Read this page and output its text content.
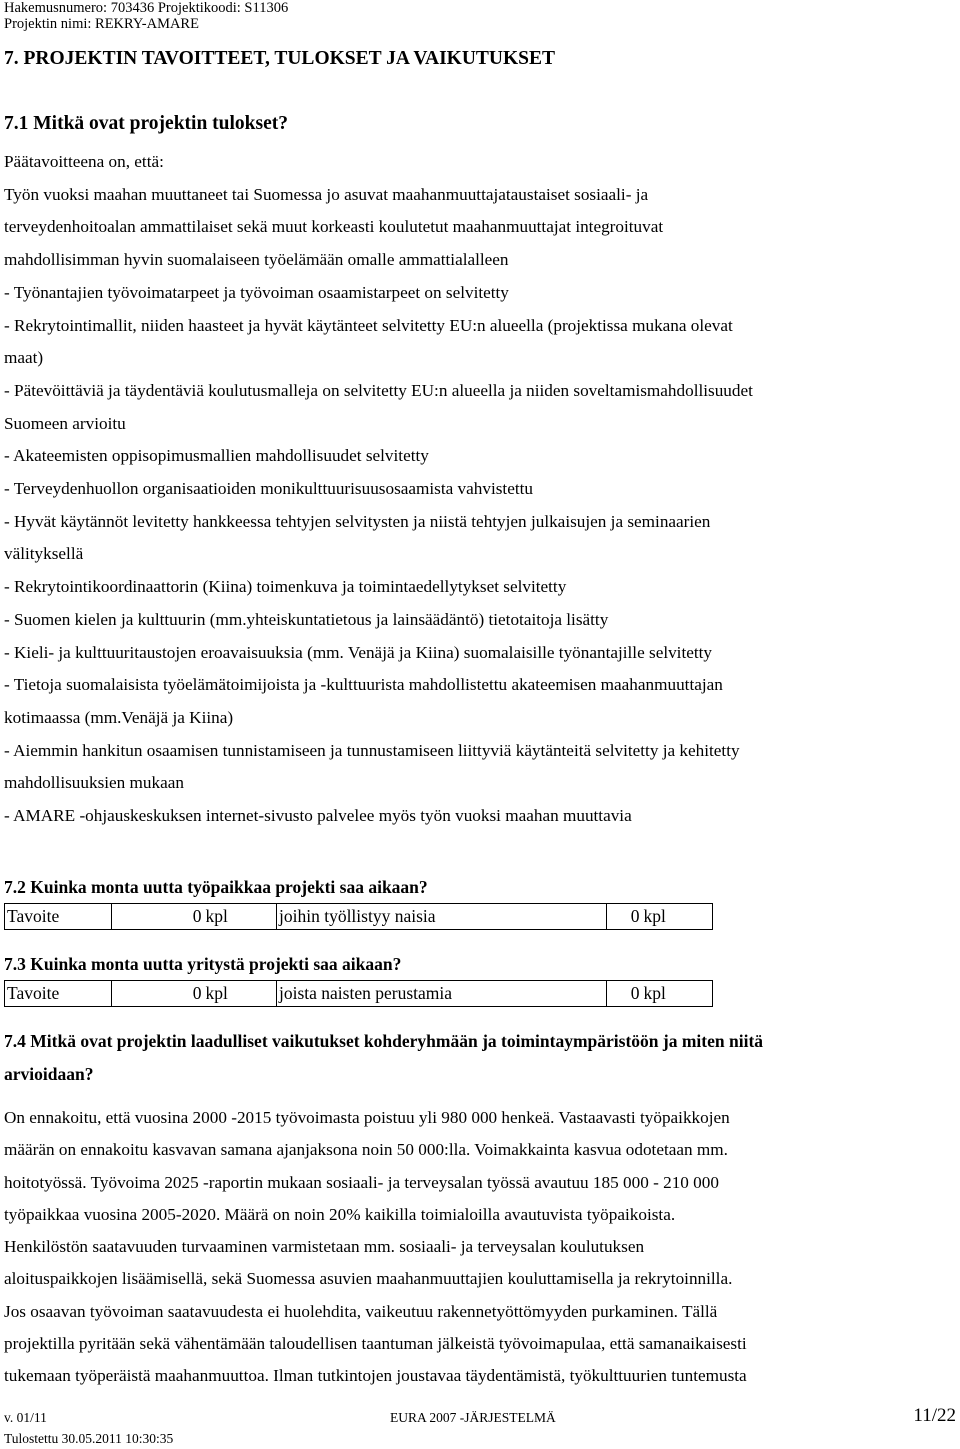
Hakemusnumero: 703436 Projektikoodi: S11306
Projektin nimi: REKRY-AMARE
7. PROJEKTIN TAVOITTEET, TULOKSET JA VAIKUTUKSET
7.1 Mitkä ovat projektin tulokset?
Päätavoitteena on, että:
Työn vuoksi maahan muuttaneet tai Suomessa jo asuvat maahanmuuttajataustaiset sosiaali- ja
terveydenhoitoalan ammattilaiset sekä muut korkeasti koulutetut maahanmuuttajat integroituvat
mahdollisimman hyvin suomalaiseen työelämään omalle ammattialalleen
- Työnantajien työvoimatarpeet ja työvoiman osaamistarpeet on selvitetty
- Rekrytointimallit, niiden haasteet ja hyvät käytänteet selvitetty EU:n alueella (projektissa mukana olevat
maat)
- Pätevöittäviä ja täydentäviä koulutusmalleja on selvitetty EU:n alueella ja niiden soveltamismahdollisuudet
Suomeen arvioitu
- Akateemisten oppisopimusmallien mahdollisuudet selvitetty
- Terveydenhuollon organisaatioiden monikulttuurisuusosaamista vahvistettu
- Hyvät käytännöt levitetty hankkeessa tehtyjen selvitysten ja niistä tehtyjen julkaisujen ja seminaarien
välityksellä
- Rekrytointikoordinaattorin (Kiina) toimenkuva ja toimintaedellytykset selvitetty
- Suomen kielen ja kulttuurin (mm.yhteiskuntatietous ja lainsäädäntö) tietotaitoja lisätty
- Kieli- ja kulttuuritaustojen eroavaisuuksia (mm. Venäjä ja Kiina) suomalaisille työnantajille selvitetty
- Tietoja suomalaisista työelämätoimijoista ja -kulttuurista mahdollistettu akateemisen maahanmuuttajan
kotimaassa (mm.Venäjä ja Kiina)
- Aiemmin hankitun osaamisen tunnistamiseen ja tunnustamiseen liittyviä käytänteitä selvitetty ja kehitetty
mahdollisuuksien mukaan
- AMARE -ohjauskeskuksen internet-sivusto palvelee myös työn vuoksi maahan muuttavia
7.2 Kuinka monta uutta työpaikkaa projekti saa aikaan?
Tavoite	0	kpl	joihin työllistyy naisia	0	kpl
7.3 Kuinka monta uutta yritystä projekti saa aikaan?
Tavoite	0	kpl	joista naisten perustamia	0	kpl
7.4 Mitkä ovat projektin laadulliset vaikutukset kohderyhmään ja toimintaympäristöön ja miten niitä
arvioidaan?
On ennakoitu, että vuosina 2000 -2015 työvoimasta poistuu yli 980 000 henkeä. Vastaavasti työpaikkojen
määrän on ennakoitu kasvavan samana ajanjaksona noin 50 000:lla. Voimakkainta kasvua odotetaan mm.
hoitotyössä. Työvoima 2025 -raportin mukaan sosiaali- ja terveysalan työssä avautuu 185 000 - 210 000
työpaikkaa vuosina 2005-2020. Määrä on noin 20% kaikilla toimialoilla avautuvista työpaikoista.
Henkilöstön saatavuuden turvaaminen varmistetaan mm. sosiaali- ja terveysalan koulutuksen
aloituspaikkojen lisäämisellä, sekä Suomessa asuvien maahanmuuttajien kouluttamisella ja rekrytoinnilla.
Jos osaavan työvoiman saatavuudesta ei huolehdita, vaikeutuu rakennetyöttömyyden purkaminen. Tällä
projektilla pyritään sekä vähentämään taloudellisen taantuman jälkeistä työvoimapulaa, että samanaikaisesti
tukemaan työperäistä maahanmuuttoa. Ilman tutkintojen joustavaa täydentämistä, työkulttuurien tuntemusta
v. 01/11	EURA 2007 -JÄRJESTELMÄ	11/22
Tulostettu 30.05.2011 10:30:35
